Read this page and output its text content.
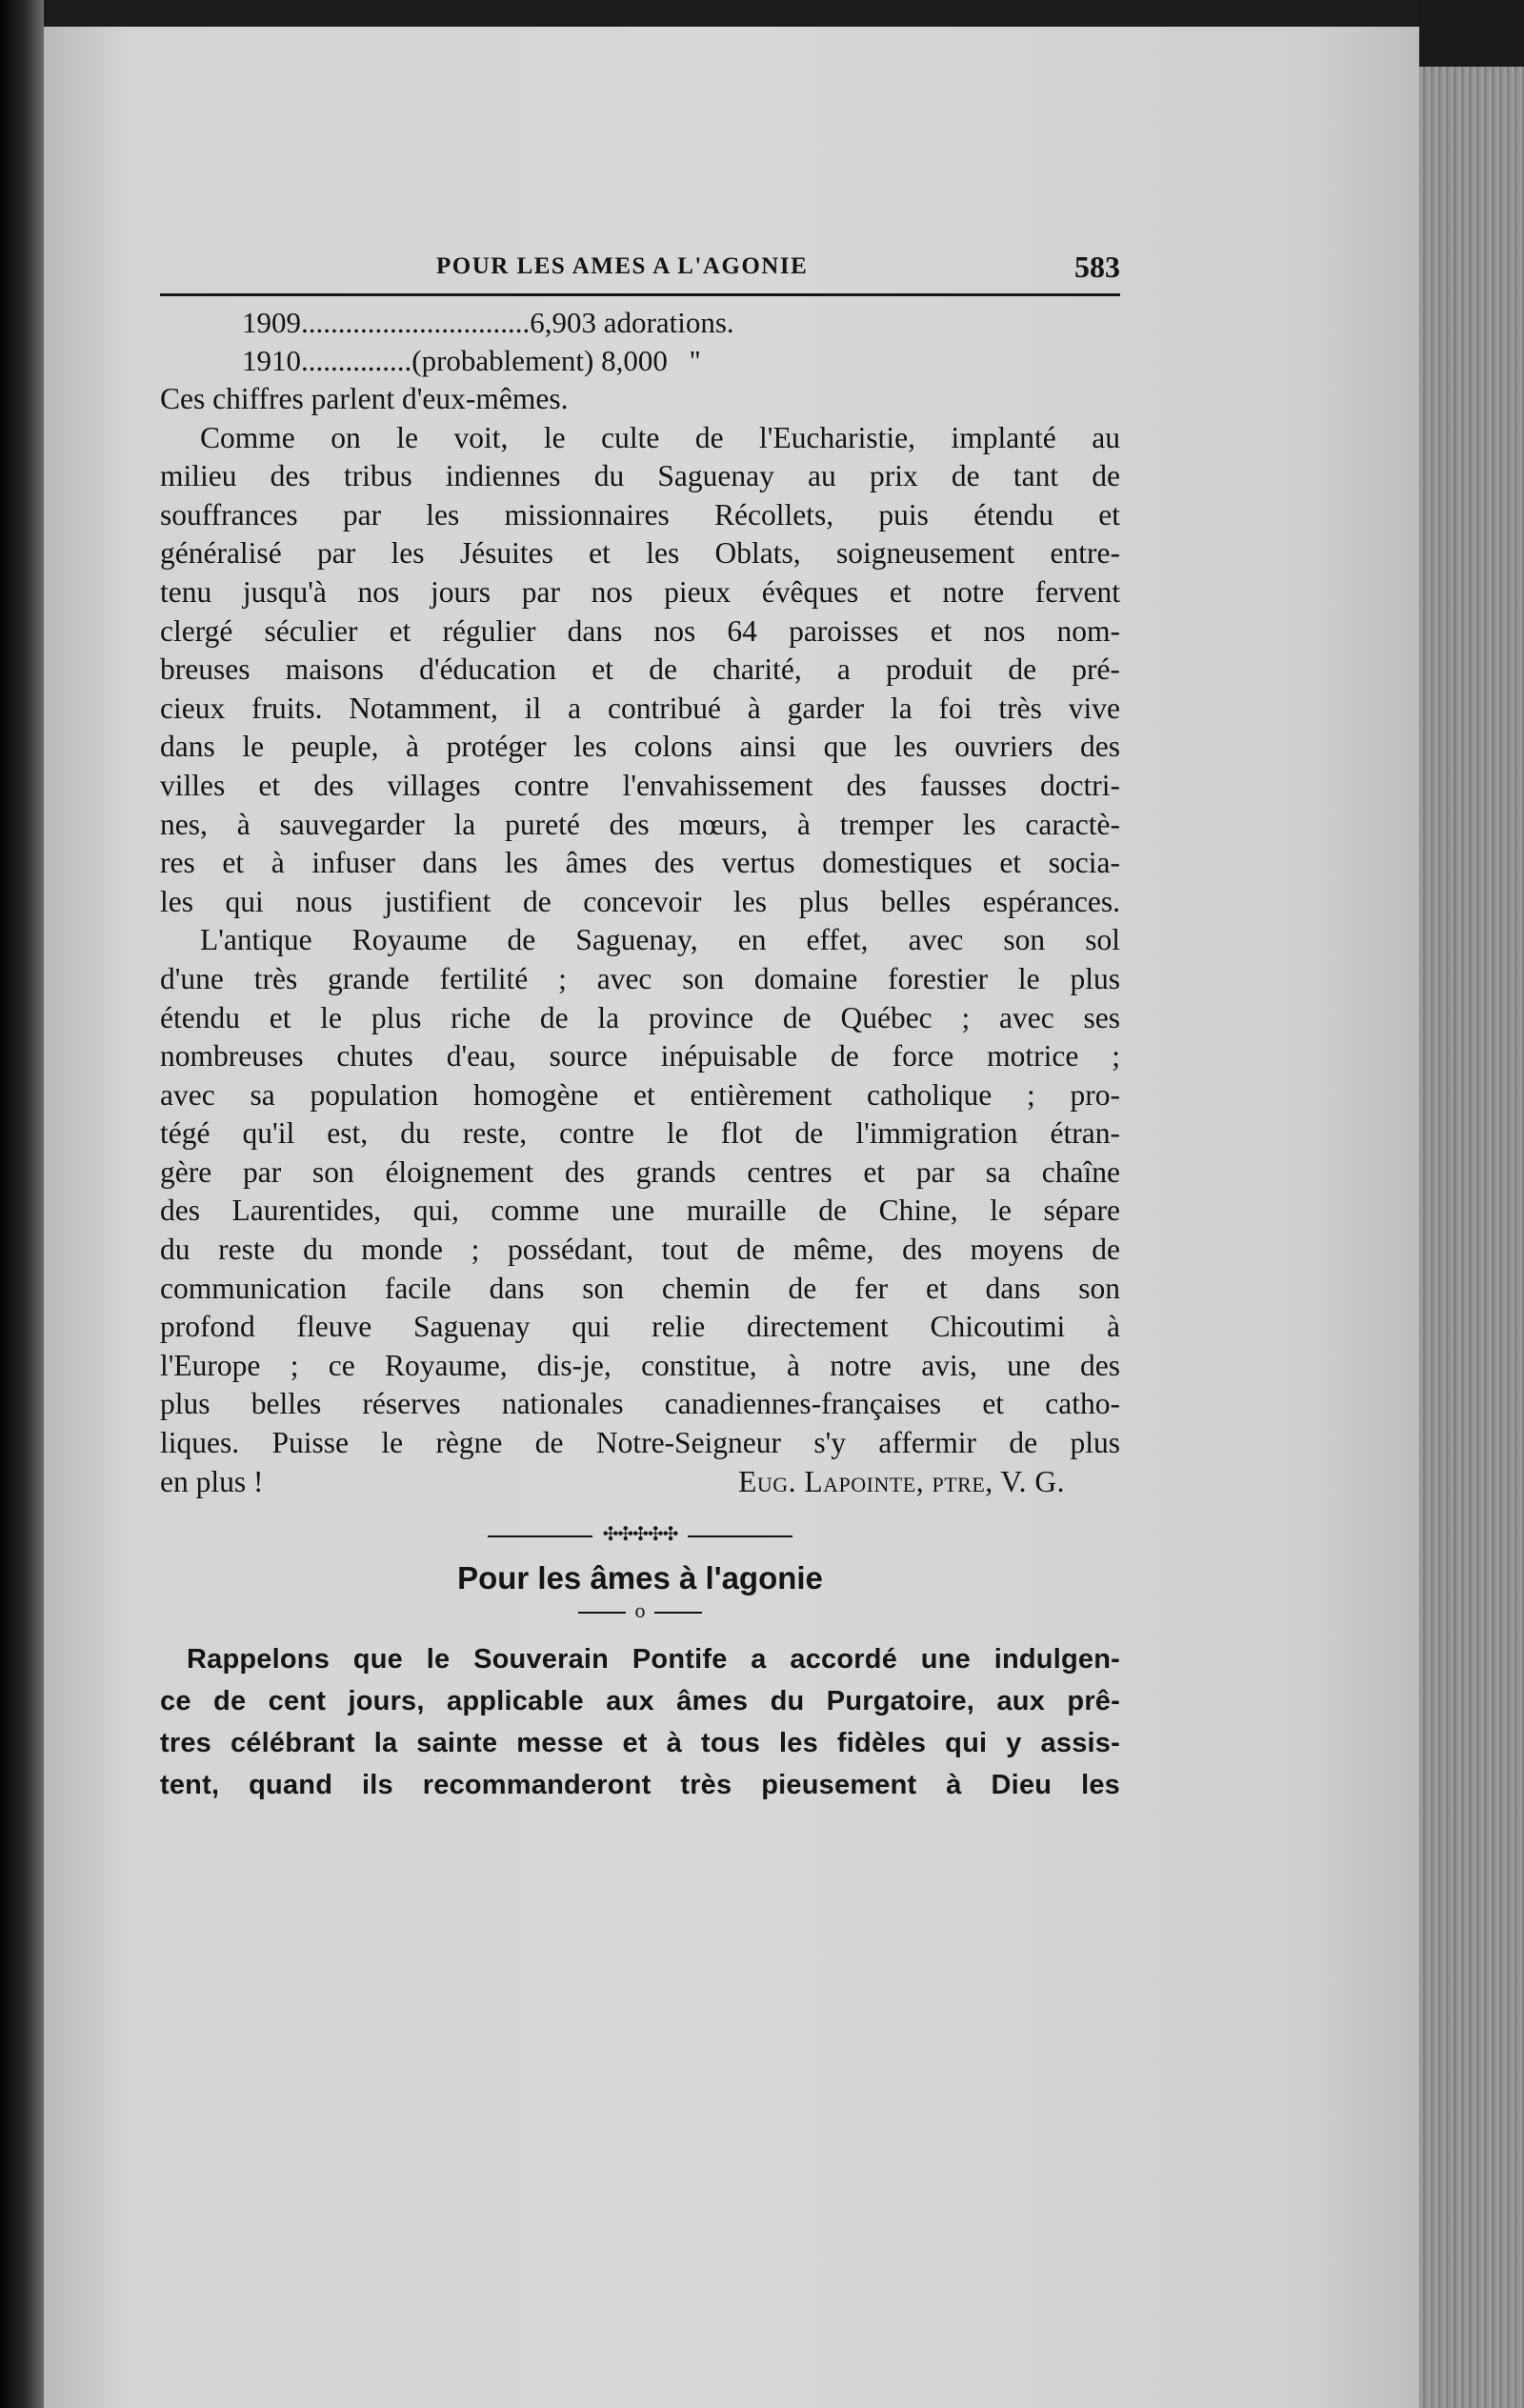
POUR LES AMES A L'AGONIE	583
1909...............................6,903 adorations.
1910...............(probablement) 8,000   ''

Ces chiffres parlent d'eux-mêmes.

Comme on le voit, le culte de l'Eucharistie, implanté au
milieu des tribus indiennes du Saguenay au prix de tant de
souffrances par les missionnaires Récollets, puis étendu et
généralisé par les Jésuites et les Oblats, soigneusement entre-
tenu jusqu'à nos jours par nos pieux évêques et notre fervent
clergé séculier et régulier dans nos 64 paroisses et nos nom-
breuses maisons d'éducation et de charité, a produit de pré-
cieux fruits. Notamment, il a contribué à garder la foi très vive
dans le peuple, à protéger les colons ainsi que les ouvriers des
villes et des villages contre l'envahissement des fausses doctri-
nes, à sauvegarder la pureté des mœurs, à tremper les caractè-
res et à infuser dans les âmes des vertus domestiques et socia-
les qui nous justifient de concevoir les plus belles espérances.

L'antique Royaume de Saguenay, en effet, avec son sol
d'une très grande fertilité ; avec son domaine forestier le plus
étendu et le plus riche de la province de Québec ; avec ses
nombreuses chutes d'eau, source inépuisable de force motrice ;
avec sa population homogène et entièrement catholique ; pro-
tégé qu'il est, du reste, contre le flot de l'immigration étran-
gère par son éloignement des grands centres et par sa chaîne
des Laurentides, qui, comme une muraille de Chine, le sépare
du reste du monde ; possédant, tout de même, des moyens de
communication facile dans son chemin de fer et dans son
profond fleuve Saguenay qui relie directement Chicoutimi à
l'Europe ; ce Royaume, dis-je, constitue, à notre avis, une des
plus belles réserves nationales canadiennes-françaises et catho-
liques. Puisse le règne de Notre-Seigneur s'y affermir de plus

en plus !	Eug. Lapointe, ptre, V. G.
✣✣✣✣✣
Pour les âmes à l'agonie
o

Rappelons que le Souverain Pontife a accordé une indulgen-
ce de cent jours, applicable aux âmes du Purgatoire, aux prê-
tres célébrant la sainte messe et à tous les fidèles qui y assis-
tent, quand ils recommanderont très pieusement à Dieu les
